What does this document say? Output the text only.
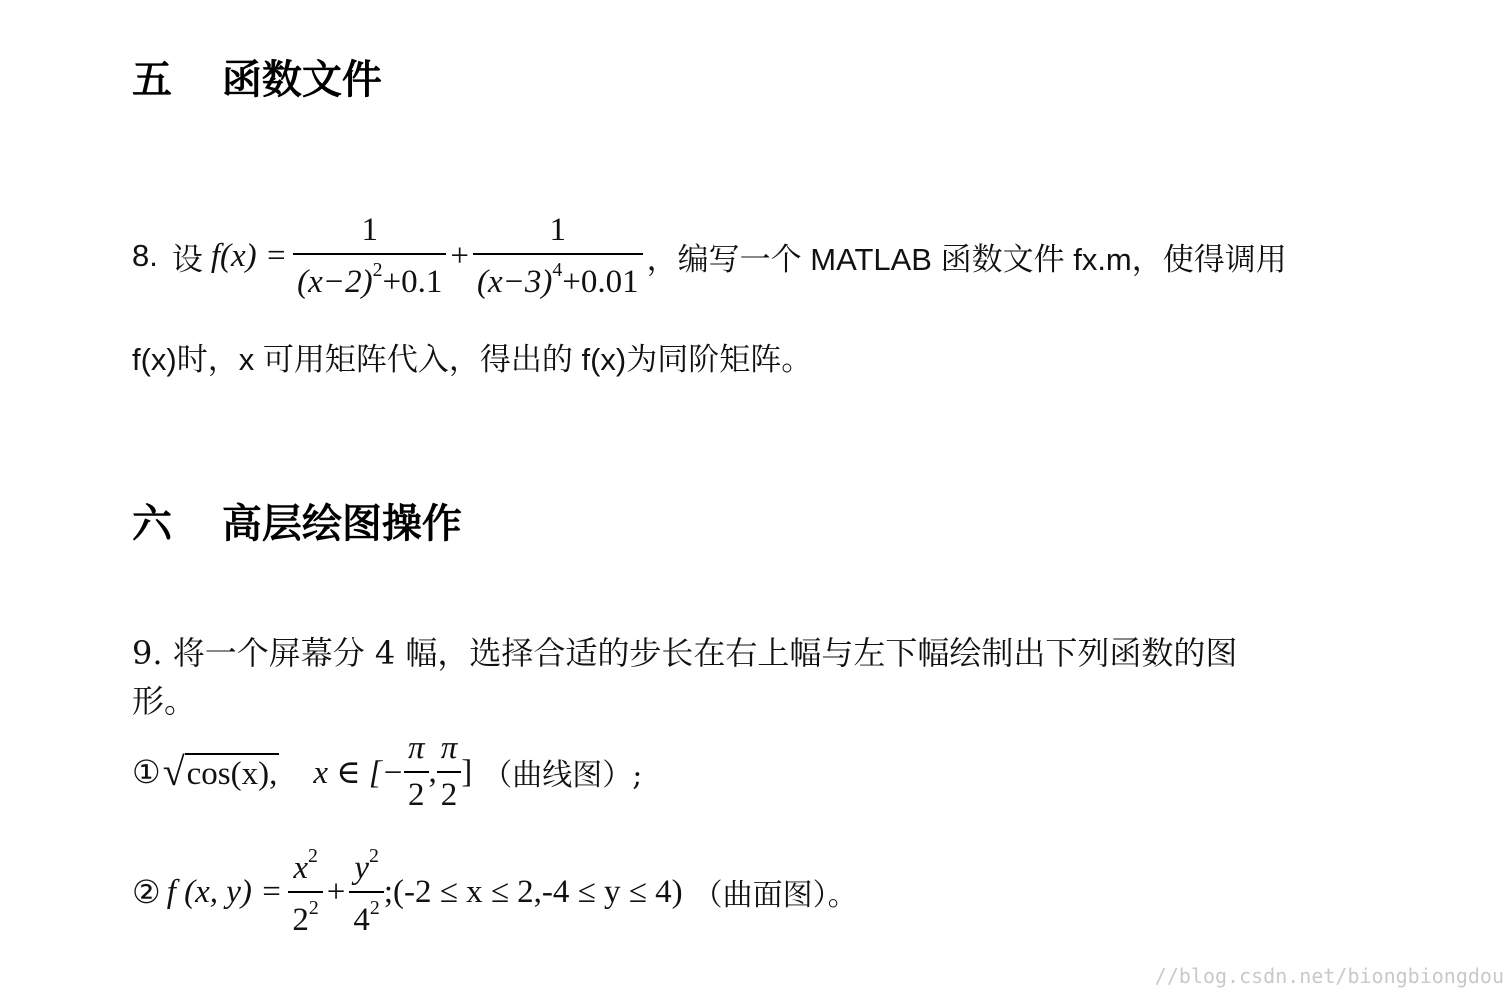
五 函数文件
8. 设 $f(x) = \frac{1}{(x-2)^2+0.1} + \frac{1}{(x-3)^4+0.01}$ ，编写一个 MATLAB 函数文件 fx.m，使得调用
f(x)时，x 可用矩阵代入，得出的 f(x)为同阶矩阵。
六 高层绘图操作
9. 将一个屏幕分 4 幅，选择合适的步长在右上幅与左下幅绘制出下列函数的图
形。
① √ cos(x), x ∈ [− $\frac{\pi}{2}$ , $\frac{\pi}{2}$ ] （曲线图）;
② f (x, $y) = \frac{x^2}{2^2} + \frac{y^2}{4^2}$ ;(-2 ≤ x ≤ 2,-4 ≤ y ≤ 4) （曲面图）。
//blog.csdn.net/biongbiongdou
